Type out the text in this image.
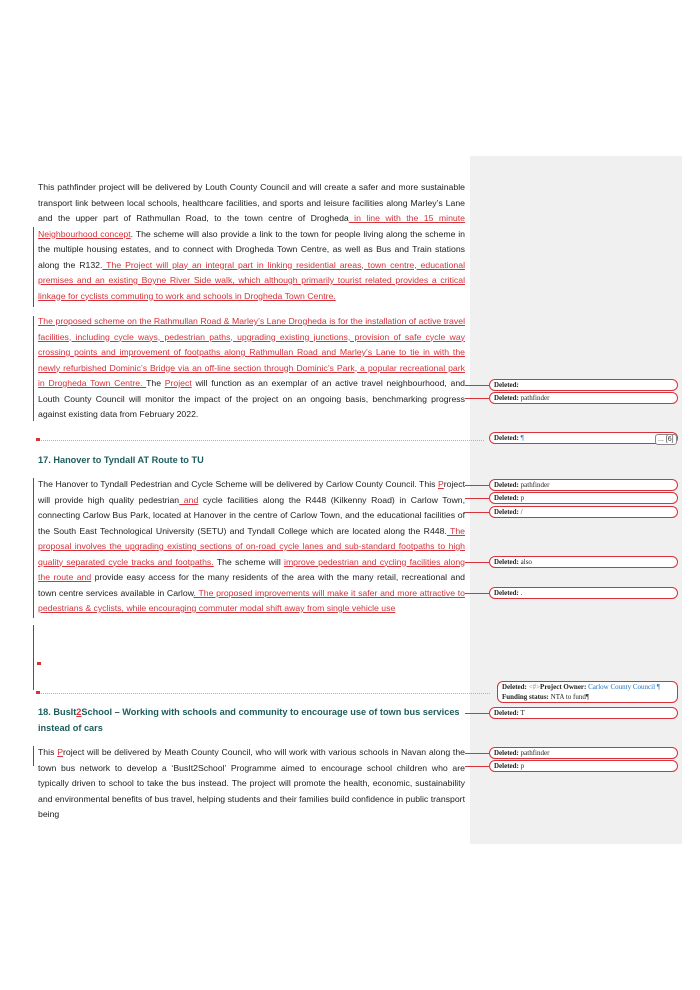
This pathfinder project will be delivered by Louth County Council and will create a safer and more sustainable transport link between local schools, healthcare facilities, and sports and leisure facilities along Marley’s Lane and the upper part of Rathmullan Road, to the town centre of Drogheda in line with the 15 minute Neighbourhood concept. The scheme will also provide a link to the town for people living along the scheme in the multiple housing estates, and to connect with Drogheda Town Centre, as well as Bus and Train stations along the R132. The Project will play an integral part in linking residential areas, town centre, educational premises and an existing Boyne River Side walk, which although primarily tourist related provides a critical linkage for cyclists commuting to work and schools in Drogheda Town Centre.

The proposed scheme on the Rathmullan Road & Marley’s Lane Drogheda is for the installation of active travel facilities, including cycle ways, pedestrian paths, upgrading existing junctions, provision of safe cycle way crossing points and improvement of footpaths along Rathmullan Road and Marley’s Lane to tie in with the newly refurbished Dominic’s Bridge via an off-line section through Dominic’s Park, a popular recreational park in Drogheda Town Centre. The Project will function as an exemplar of an active travel neighbourhood, and Louth County Council will monitor the impact of the project on an ongoing basis, benchmarking progress against existing data from February 2022.

17. Hanover to Tyndall AT Route to TU

The Hanover to Tyndall Pedestrian and Cycle Scheme will be delivered by Carlow County Council. This Project will provide high quality pedestrian and cycle facilities along the R448 (Kilkenny Road) in Carlow Town, connecting Carlow Bus Park, located at Hanover in the centre of Carlow Town, and the educational facilities of the South East Technological University (SETU) and Tyndall College which are located along the R448. The proposal involves the upgrading existing sections of on-road cycle lanes and sub-standard footpaths to high quality separated cycle tracks and footpaths. The scheme will improve pedestrian and cycling facilities along the route and provide easy access for the many residents of the area with the many retail, recreational and town centre services available in Carlow. The proposed improvements will make it safer and more attractive to pedestrians & cyclists, while encouraging commuter modal shift away from single vehicle use

18. BusIt2School – Working with schools and community to encourage use of town bus services instead of cars

This Project will be delivered by Meath County Council, who will work with various schools in Navan along the town bus network to develop a ‘BusIt2School’ Programme aimed to encourage school children who are typically driven to school to take the bus instead. The project will promote the health, economic, sustainability and environmental benefits of bus travel, helping students and their families build confidence in public transport being

Deleted:
Deleted: pathfinder
Deleted: ¶	... [6]
Deleted: pathfinder
Deleted: p
Deleted: /
Deleted: also
Deleted: .
Deleted: <#>Project Owner: Carlow County Council ¶
Funding status: NTA to fund¶
Deleted: T
Deleted: pathfinder
Deleted: p
